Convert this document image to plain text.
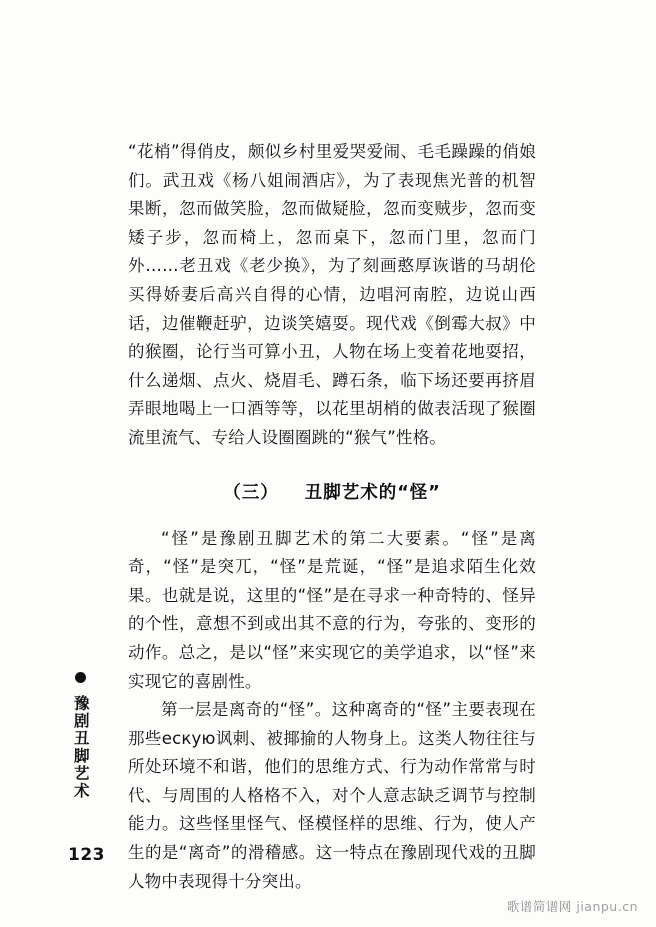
“花梢”得俏皮，颇似乡村里爱哭爱闹、毛毛躁躁的俏娘们。武丑戏《杨八姐闹酒店》，为了表现焦光普的机智果断，忽而做笑脸，忽而做疑脸，忽而变贼步，忽而变矮子步，忽而椅上，忽而桌下，忽而门里，忽而门外……老丑戏《老少换》，为了刻画憨厚诙谐的马胡伦买得娇妻后高兴自得的心情，边唱河南腔，边说山西话，边催鞭赶驴，边谈笑嬉耍。现代戏《倒霉大叔》中的猴圈，论行当可算小丑，人物在场上变着花地耍招，什么递烟、点火、烧眉毛、蹲石条，临下场还要再挤眉弄眼地喝上一口酒等等，以花里胡梢的做表活现了猴圈流里流气、专给人设圈圈跳的“猴气”性格。

（三） 丑脚艺术的“怪”

“怪”是豫剧丑脚艺术的第二大要素。“怪”是离奇，“怪”是突兀，“怪”是荒诞，“怪”是追求陌生化效果。也就是说，这里的“怪”是在寻求一种奇特的、怪异的个性，意想不到或出其不意的行为，夸张的、变形的动作。总之，是以“怪”来实现它的美学追求，以“怪”来实现它的喜剧性。

第一层是离奇的“怪”。这种离奇的“怪”主要表现在那些ескую讽刺、被揶揄的人物身上。这类人物往往与所处环境不和谐，他们的思维方式、行为动作常常与时代、与周围的人格格不入，对个人意志缺乏调节与控制能力。这些怪里怪气、怪模怪样的思维、行为，使人产生的是“离奇”的滑稽感。这一特点在豫剧现代戏的丑脚人物中表现得十分突出。

豫剧丑脚艺术
123
歌谱简谱网 jianpu.cn
